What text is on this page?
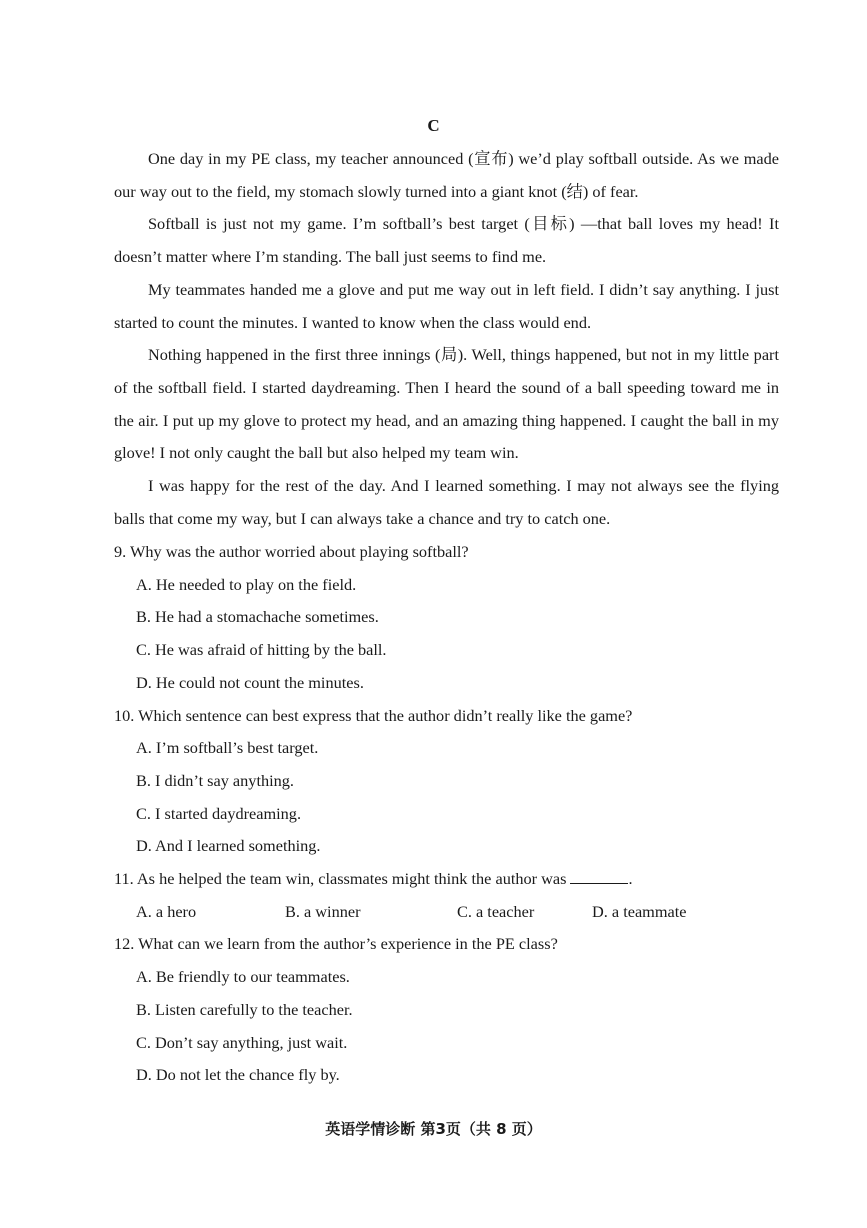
C

One day in my PE class, my teacher announced (宣布) we’d play softball outside. As we made our way out to the field, my stomach slowly turned into a giant knot (结) of fear.

Softball is just not my game. I’m softball’s best target (目标) —that ball loves my head! It doesn’t matter where I’m standing. The ball just seems to find me.

My teammates handed me a glove and put me way out in left field. I didn’t say anything. I just started to count the minutes. I wanted to know when the class would end.

Nothing happened in the first three innings (局). Well, things happened, but not in my little part of the softball field. I started daydreaming. Then I heard the sound of a ball speeding toward me in the air. I put up my glove to protect my head, and an amazing thing happened. I caught the ball in my glove! I not only caught the ball but also helped my team win.

I was happy for the rest of the day. And I learned something. I may not always see the flying balls that come my way, but I can always take a chance and try to catch one.

9. Why was the author worried about playing softball?
A. He needed to play on the field.
B. He had a stomachache sometimes.
C. He was afraid of hitting by the ball.
D. He could not count the minutes.
10. Which sentence can best express that the author didn’t really like the game?
A. I’m softball’s best target.
B. I didn’t say anything.
C. I started daydreaming.
D. And I learned something.
11. As he helped the team win, classmates might think the author was	.
A. a hero	B. a winner	C. a teacher	D. a teammate
12. What can we learn from the author’s experience in the PE class?
A. Be friendly to our teammates.
B. Listen carefully to the teacher.
C. Don’t say anything, just wait.
D. Do not let the chance fly by.
英语学情诊断 第3页（共 8 页）
